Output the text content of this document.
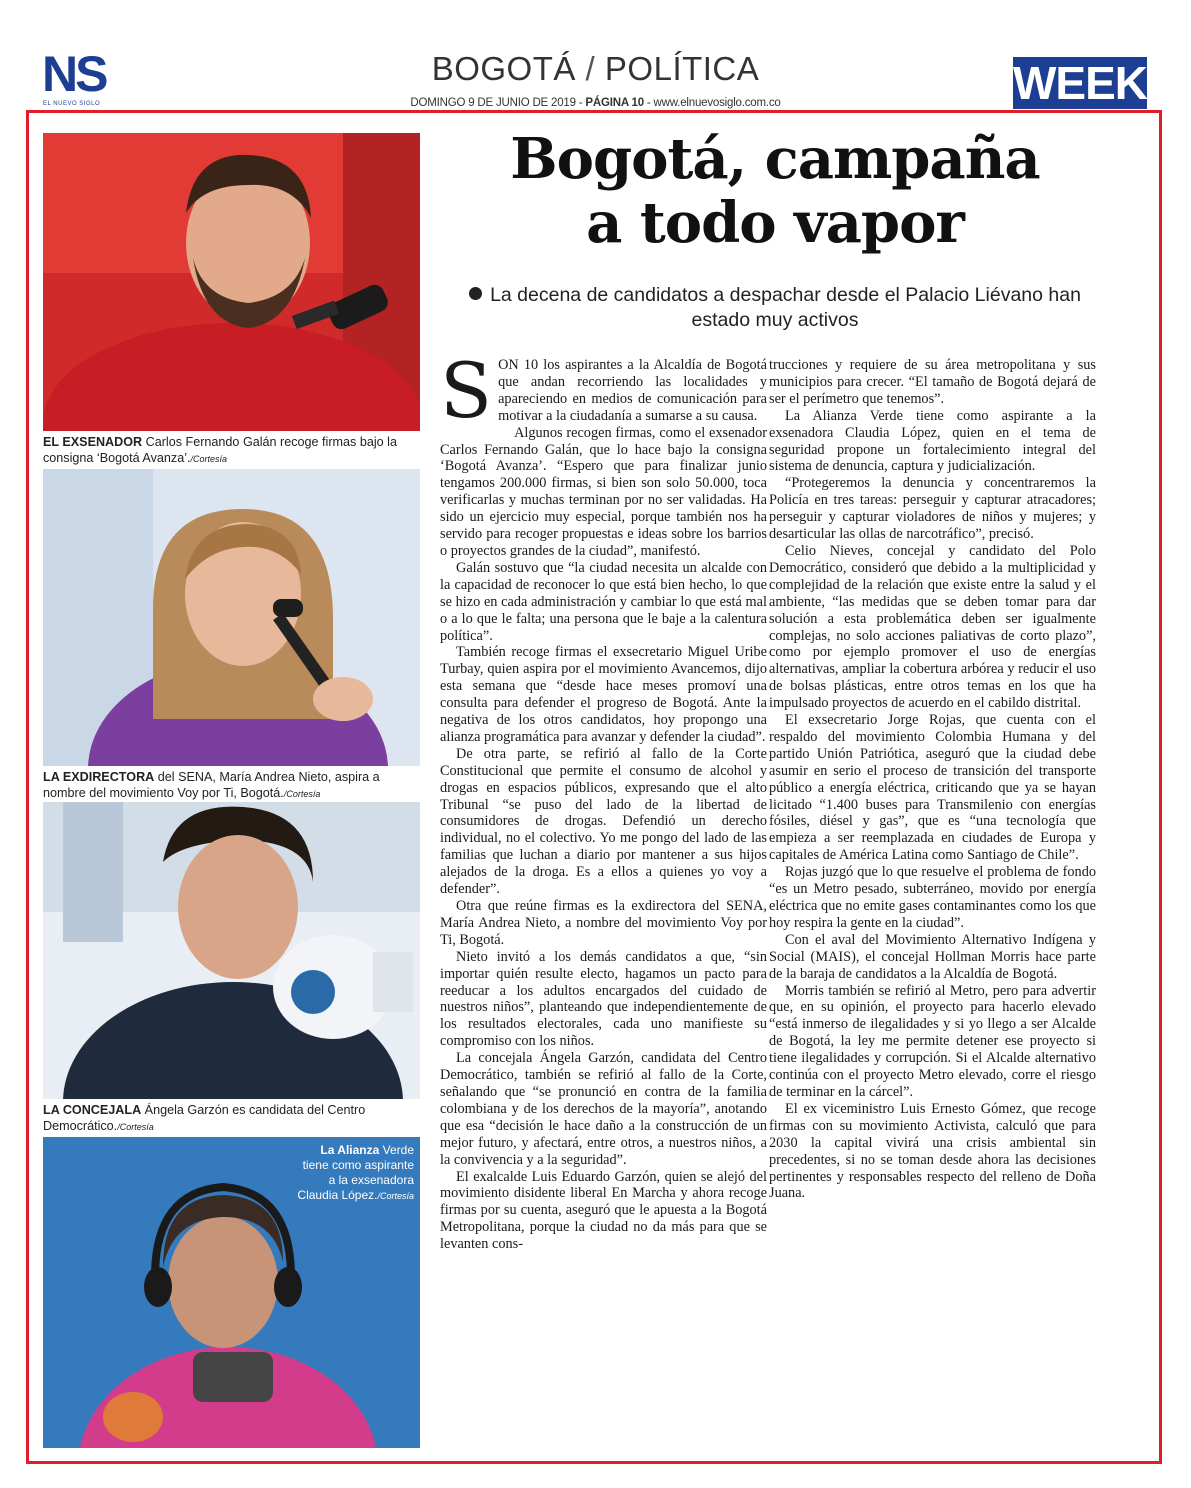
NS
EL NUEVO SIGLO
BOGOTÁ / POLÍTICA
DOMINGO 9 DE JUNIO DE 2019 - PÁGINA 10 - www.elnuevosiglo.com.co	WEEK
EL EXSENADOR Carlos Fernando Galán recoge firmas bajo la consigna ‘Bogotá Avanza’./Cortesía
LA EXDIRECTORA del SENA, María Andrea Nieto, aspira a nombre del movimiento Voy por Ti, Bogotá./Cortesía
LA CONCEJALA Ángela Garzón es candidata del Centro Democrático./Cortesía
La Alianza Verde tiene como aspirante a la exsenadora Claudia López./Cortesía
Bogotá, campaña
a todo vapor
La decena de candidatos a despachar desde el Palacio Liévano han estado muy activos

SON 10 los aspirantes a la Alcaldía de Bogotá que andan recorriendo las localidades y apareciendo en medios de comunicación para motivar a la ciudadanía a sumarse a su causa.

Algunos recogen firmas, como el exsenador Carlos Fernando Galán, que lo hace bajo la consigna ‘Bogotá Avanza’. “Espero que para finalizar junio tengamos 200.000 firmas, si bien son solo 50.000, toca verificarlas y muchas terminan por no ser validadas. Ha sido un ejercicio muy especial, porque también nos ha servido para recoger propuestas e ideas sobre los barrios o proyectos grandes de la ciudad”, manifestó.

Galán sostuvo que “la ciudad necesita un alcalde con la capacidad de reconocer lo que está bien hecho, lo que se hizo en cada administración y cambiar lo que está mal o a lo que le falta; una persona que le baje a la calentura política”.

También recoge firmas el exsecretario Miguel Uribe Turbay, quien aspira por el movimiento Avancemos, dijo esta semana que “desde hace meses promoví una consulta para defender el progreso de Bogotá. Ante la negativa de los otros candidatos, hoy propongo una alianza programática para avanzar y defender la ciudad”.

De otra parte, se refirió al fallo de la Corte Constitucional que permite el consumo de alcohol y drogas en espacios públicos, expresando que el alto Tribunal “se puso del lado de la libertad de consumidores de drogas. Defendió un derecho individual, no el colectivo. Yo me pongo del lado de las familias que luchan a diario por mantener a sus hijos alejados de la droga. Es a ellos a quienes yo voy a defender”.

Otra que reúne firmas es la exdirectora del SENA, María Andrea Nieto, a nombre del movimiento Voy por Ti, Bogotá.

Nieto invitó a los demás candidatos a que, “sin importar quién resulte electo, hagamos un pacto para reeducar a los adultos encargados del cuidado de nuestros niños”, planteando que independientemente de los resultados electorales, cada uno manifieste su compromiso con los niños.

La concejala Ángela Garzón, candidata del Centro Democrático, también se refirió al fallo de la Corte, señalando que “se pronunció en contra de la familia colombiana y de los derechos de la mayoría”, anotando que esa “decisión le hace daño a la construcción de un mejor futuro, y afectará, entre otros, a nuestros niños, a la convivencia y a la seguridad”.

El exalcalde Luis Eduardo Garzón, quien se alejó del movimiento disidente liberal En Marcha y ahora recoge firmas por su cuenta, aseguró que le apuesta a la Bogotá Metropolitana, porque la ciudad no da más para que se levanten cons-

trucciones y requiere de su área metropolitana y sus municipios para crecer. “El tamaño de Bogotá dejará de ser el perímetro que tenemos”.

La Alianza Verde tiene como aspirante a la exsenadora Claudia López, quien en el tema de seguridad propone un fortalecimiento integral del sistema de denuncia, captura y judicialización.

“Protegeremos la denuncia y concentraremos la Policía en tres tareas: perseguir y capturar atracadores; perseguir y capturar violadores de niños y mujeres; y desarticular las ollas de narcotráfico”, precisó.

Celio Nieves, concejal y candidato del Polo Democrático, consideró que debido a la multiplicidad y complejidad de la relación que existe entre la salud y el ambiente, “las medidas que se deben tomar para dar solución a esta problemática deben ser igualmente complejas, no solo acciones paliativas de corto plazo”, como por ejemplo promover el uso de energías alternativas, ampliar la cobertura arbórea y reducir el uso de bolsas plásticas, entre otros temas en los que ha impulsado proyectos de acuerdo en el cabildo distrital.

El exsecretario Jorge Rojas, que cuenta con el respaldo del movimiento Colombia Humana y del partido Unión Patriótica, aseguró que la ciudad debe asumir en serio el proceso de transición del transporte público a energía eléctrica, criticando que ya se hayan licitado “1.400 buses para Transmilenio con energías fósiles, diésel y gas”, que es “una tecnología que empieza a ser reemplazada en ciudades de Europa y capitales de América Latina como Santiago de Chile”.

Rojas juzgó que lo que resuelve el problema de fondo “es un Metro pesado, subterráneo, movido por energía eléctrica que no emite gases contaminantes como los que hoy respira la gente en la ciudad”.

Con el aval del Movimiento Alternativo Indígena y Social (MAIS), el concejal Hollman Morris hace parte de la baraja de candidatos a la Alcaldía de Bogotá.

Morris también se refirió al Metro, pero para advertir que, en su opinión, el proyecto para hacerlo elevado “está inmerso de ilegalidades y si yo llego a ser Alcalde de Bogotá, la ley me permite detener ese proyecto si tiene ilegalidades y corrupción. Si el Alcalde alternativo continúa con el proyecto Metro elevado, corre el riesgo de terminar en la cárcel”.

El ex viceministro Luis Ernesto Gómez, que recoge firmas con su movimiento Activista, calculó que para 2030 la capital vivirá una crisis ambiental sin precedentes, si no se toman desde ahora las decisiones pertinentes y responsables respecto del relleno de Doña Juana.
